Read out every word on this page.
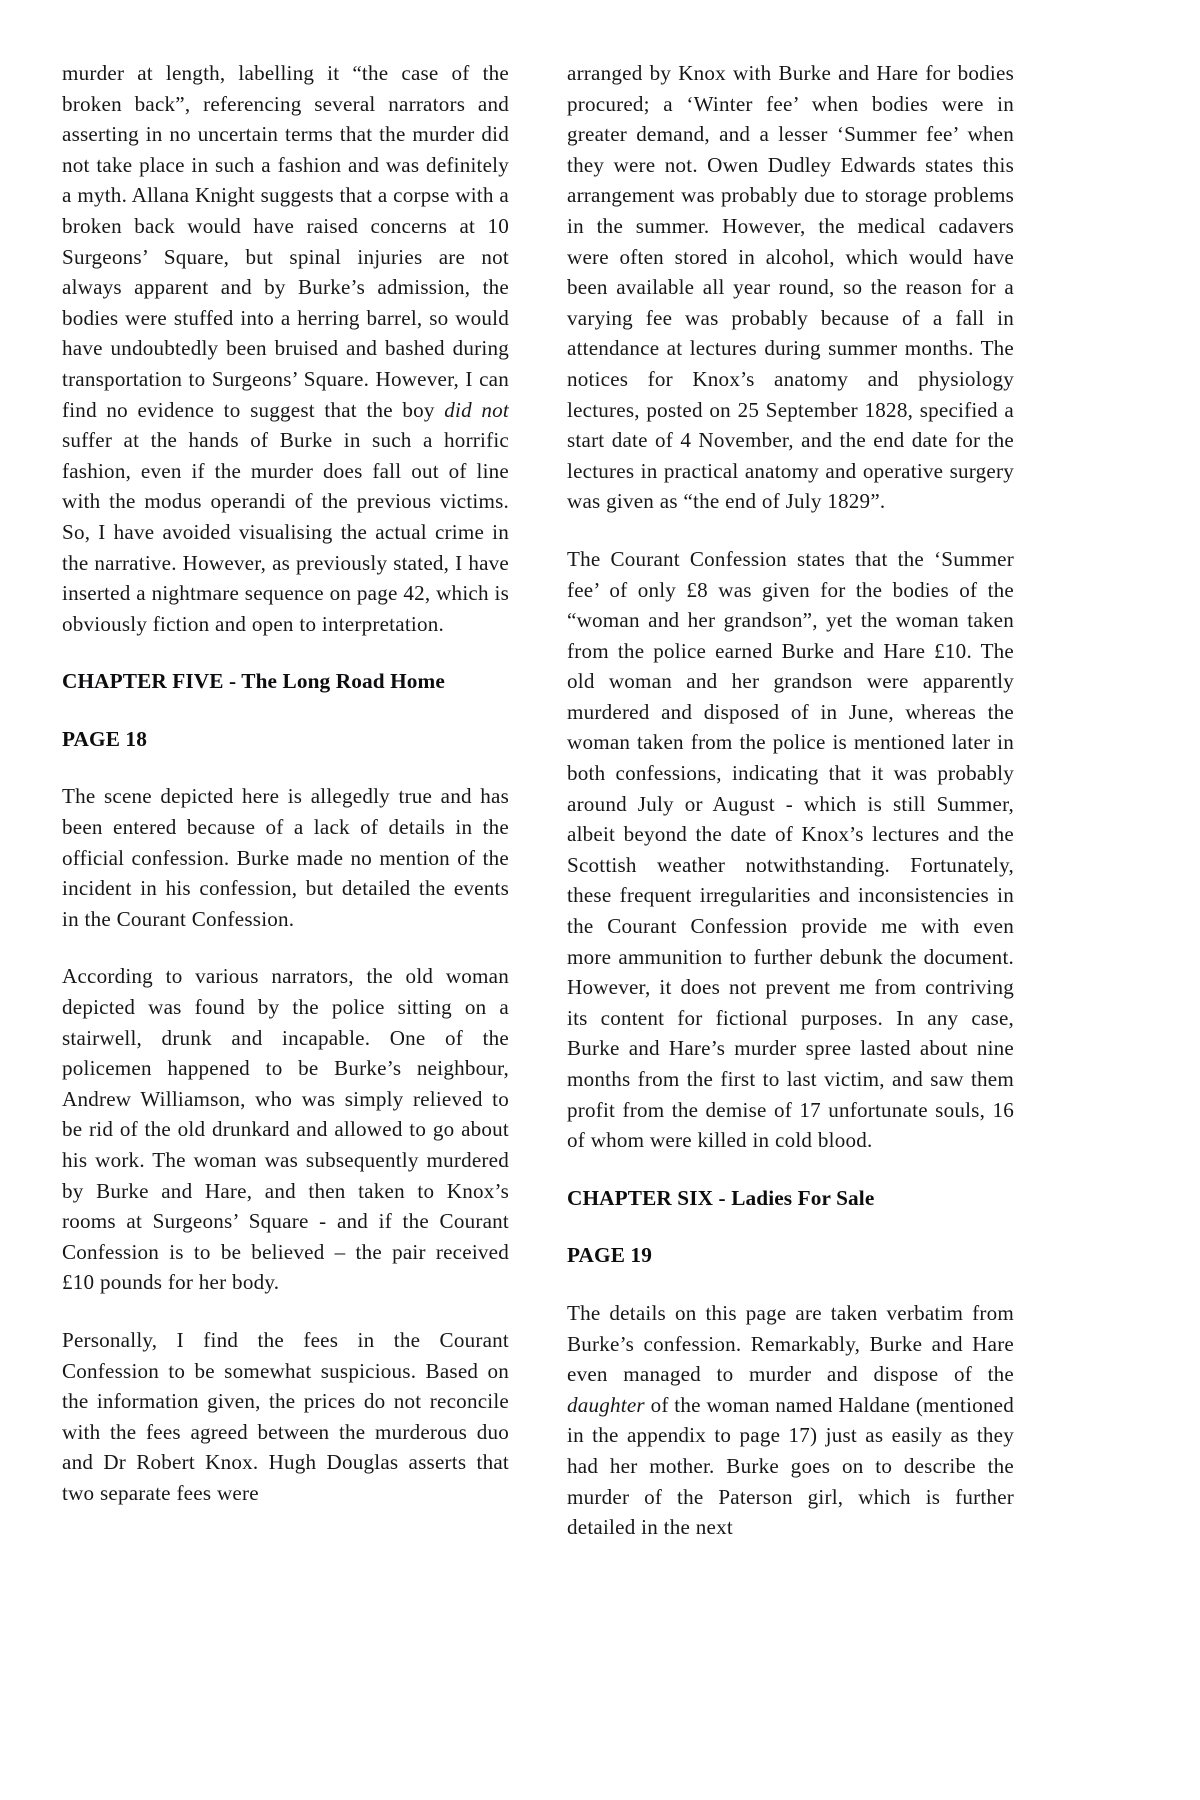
murder at length, labelling it “the case of the broken back”, referencing several narrators and asserting in no uncertain terms that the murder did not take place in such a fashion and was definitely a myth. Allana Knight suggests that a corpse with a broken back would have raised concerns at 10 Surgeons’ Square, but spinal injuries are not always apparent and by Burke’s admission, the bodies were stuffed into a herring barrel, so would have undoubtedly been bruised and bashed during transportation to Surgeons’ Square. However, I can find no evidence to suggest that the boy did not suffer at the hands of Burke in such a horrific fashion, even if the murder does fall out of line with the modus operandi of the previous victims. So, I have avoided visualising the actual crime in the narrative. However, as previously stated, I have inserted a nightmare sequence on page 42, which is obviously fiction and open to interpretation.

CHAPTER FIVE - The Long Road Home
PAGE 18

The scene depicted here is allegedly true and has been entered because of a lack of details in the official confession. Burke made no mention of the incident in his confession, but detailed the events in the Courant Confession.

According to various narrators, the old woman depicted was found by the police sitting on a stairwell, drunk and incapable. One of the policemen happened to be Burke’s neighbour, Andrew Williamson, who was simply relieved to be rid of the old drunkard and allowed to go about his work. The woman was subsequently murdered by Burke and Hare, and then taken to Knox’s rooms at Surgeons’ Square - and if the Courant Confession is to be believed – the pair received £10 pounds for her body.

Personally, I find the fees in the Courant Confession to be somewhat suspicious. Based on the information given, the prices do not reconcile with the fees agreed between the murderous duo and Dr Robert Knox. Hugh Douglas asserts that two separate fees were

arranged by Knox with Burke and Hare for bodies procured; a ‘Winter fee’ when bodies were in greater demand, and a lesser ‘Summer fee’ when they were not. Owen Dudley Edwards states this arrangement was probably due to storage problems in the summer. However, the medical cadavers were often stored in alcohol, which would have been available all year round, so the reason for a varying fee was probably because of a fall in attendance at lectures during summer months. The notices for Knox’s anatomy and physiology lectures, posted on 25 September 1828, specified a start date of 4 November, and the end date for the lectures in practical anatomy and operative surgery was given as “the end of July 1829”.

The Courant Confession states that the ‘Summer fee’ of only £8 was given for the bodies of the “woman and her grandson”, yet the woman taken from the police earned Burke and Hare £10. The old woman and her grandson were apparently murdered and disposed of in June, whereas the woman taken from the police is mentioned later in both confessions, indicating that it was probably around July or August - which is still Summer, albeit beyond the date of Knox’s lectures and the Scottish weather notwithstanding. Fortunately, these frequent irregularities and inconsistencies in the Courant Confession provide me with even more ammunition to further debunk the document. However, it does not prevent me from contriving its content for fictional purposes. In any case, Burke and Hare’s murder spree lasted about nine months from the first to last victim, and saw them profit from the demise of 17 unfortunate souls, 16 of whom were killed in cold blood.

CHAPTER SIX - Ladies For Sale
PAGE 19

The details on this page are taken verbatim from Burke’s confession. Remarkably, Burke and Hare even managed to murder and dispose of the daughter of the woman named Haldane (mentioned in the appendix to page 17) just as easily as they had her mother. Burke goes on to describe the murder of the Paterson girl, which is further detailed in the next
